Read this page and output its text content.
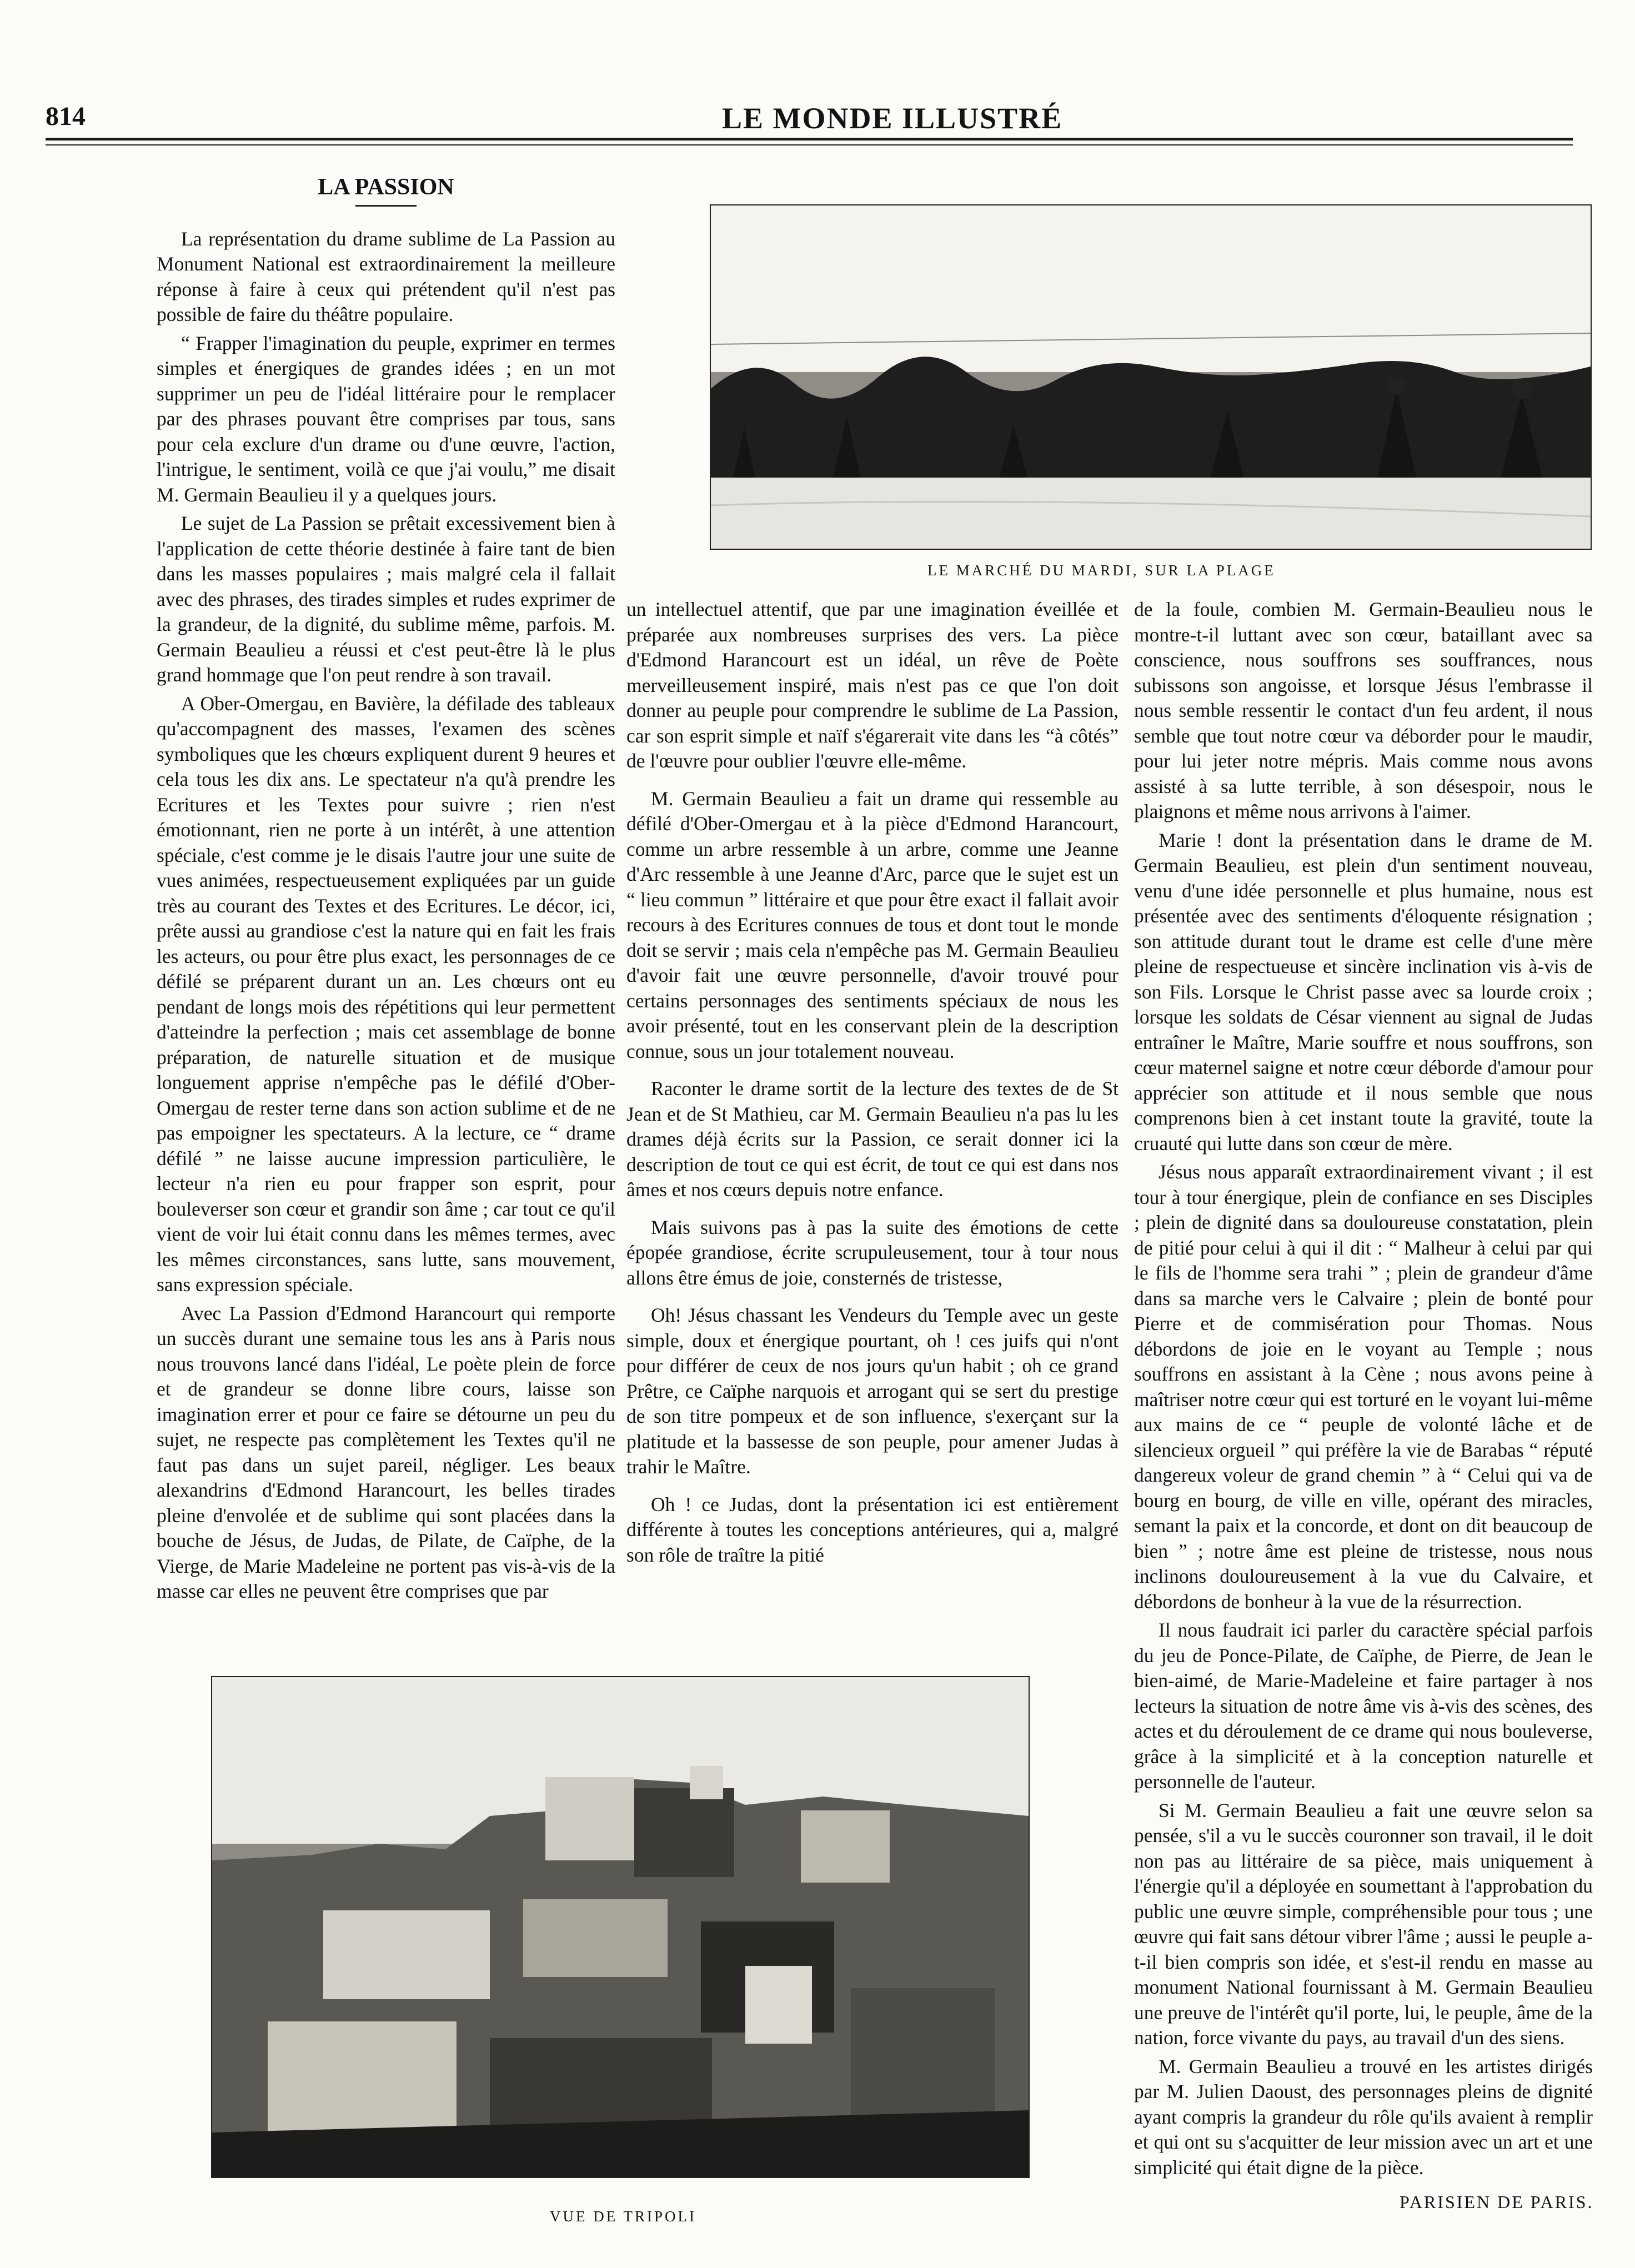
814	LE MONDE ILLUSTRÉ
LA PASSION

La représentation du drame sublime de La Passion au Monument National est extraordinairement la meilleure réponse à faire à ceux qui prétendent qu'il n'est pas possible de faire du théâtre populaire.

“ Frapper l'imagination du peuple, exprimer en termes simples et énergiques de grandes idées ; en un mot supprimer un peu de l'idéal littéraire pour le remplacer par des phrases pouvant être comprises par tous, sans pour cela exclure d'un drame ou d'une œuvre, l'action, l'intrigue, le sentiment, voilà ce que j'ai voulu,” me disait M. Germain Beaulieu il y a quelques jours.

Le sujet de La Passion se prêtait excessivement bien à l'application de cette théorie destinée à faire tant de bien dans les masses populaires ; mais malgré cela il fallait avec des phrases, des tirades simples et rudes exprimer de la grandeur, de la dignité, du sublime même, parfois. M. Germain Beaulieu a réussi et c'est peut-être là le plus grand hommage que l'on peut rendre à son travail.

A Ober-Omergau, en Bavière, la défilade des tableaux qu'accompagnent des masses, l'examen des scènes symboliques que les chœurs expliquent durent 9 heures et cela tous les dix ans. Le spectateur n'a qu'à prendre les Ecritures et les Textes pour suivre ; rien n'est émotionnant, rien ne porte à un intérêt, à une attention spéciale, c'est comme je le disais l'autre jour une suite de vues animées, respectueusement expliquées par un guide très au courant des Textes et des Ecritures. Le décor, ici, prête aussi au grandiose c'est la nature qui en fait les frais les acteurs, ou pour être plus exact, les personnages de ce défilé se préparent durant un an. Les chœurs ont eu pendant de longs mois des répétitions qui leur permettent d'atteindre la perfection ; mais cet assemblage de bonne préparation, de naturelle situation et de musique longuement apprise n'empêche pas le défilé d'Ober-Omergau de rester terne dans son action sublime et de ne pas empoigner les spectateurs. A la lecture, ce “ drame défilé ” ne laisse aucune impression particulière, le lecteur n'a rien eu pour frapper son esprit, pour bouleverser son cœur et grandir son âme ; car tout ce qu'il vient de voir lui était connu dans les mêmes termes, avec les mêmes circonstances, sans lutte, sans mouvement, sans expression spéciale.

Avec La Passion d'Edmond Harancourt qui remporte un succès durant une semaine tous les ans à Paris nous nous trouvons lancé dans l'idéal, Le poète plein de force et de grandeur se donne libre cours, laisse son imagination errer et pour ce faire se détourne un peu du sujet, ne respecte pas complètement les Textes qu'il ne faut pas dans un sujet pareil, négliger. Les beaux alexandrins d'Edmond Harancourt, les belles tirades pleine d'envolée et de sublime qui sont placées dans la bouche de Jésus, de Judas, de Pilate, de Caïphe, de la Vierge, de Marie Madeleine ne portent pas vis-à-vis de la masse car elles ne peuvent être comprises que par

LE MARCHÉ DU MARDI, SUR LA PLAGE

un intellectuel attentif, que par une imagination éveillée et préparée aux nombreuses surprises des vers. La pièce d'Edmond Harancourt est un idéal, un rêve de Poète merveilleusement inspiré, mais n'est pas ce que l'on doit donner au peuple pour comprendre le sublime de La Passion, car son esprit simple et naïf s'égarerait vite dans les “à côtés” de l'œuvre pour oublier l'œuvre elle-même.

M. Germain Beaulieu a fait un drame qui ressemble au défilé d'Ober-Omergau et à la pièce d'Edmond Harancourt, comme un arbre ressemble à un arbre, comme une Jeanne d'Arc ressemble à une Jeanne d'Arc, parce que le sujet est un “ lieu commun ” littéraire et que pour être exact il fallait avoir recours à des Ecritures connues de tous et dont tout le monde doit se servir ; mais cela n'empêche pas M. Germain Beaulieu d'avoir fait une œuvre personnelle, d'avoir trouvé pour certains personnages des sentiments spéciaux de nous les avoir présenté, tout en les conservant plein de la description connue, sous un jour totalement nouveau.

Raconter le drame sortit de la lecture des textes de de St Jean et de St Mathieu, car M. Germain Beaulieu n'a pas lu les drames déjà écrits sur la Passion, ce serait donner ici la description de tout ce qui est écrit, de tout ce qui est dans nos âmes et nos cœurs depuis notre enfance.

Mais suivons pas à pas la suite des émotions de cette épopée grandiose, écrite scrupuleusement, tour à tour nous allons être émus de joie, consternés de tristesse,

Oh! Jésus chassant les Vendeurs du Temple avec un geste simple, doux et énergique pourtant, oh ! ces juifs qui n'ont pour différer de ceux de nos jours qu'un habit ; oh ce grand Prêtre, ce Caïphe narquois et arrogant qui se sert du prestige de son titre pompeux et de son influence, s'exerçant sur la platitude et la bassesse de son peuple, pour amener Judas à trahir le Maître.

Oh ! ce Judas, dont la présentation ici est entièrement différente à toutes les conceptions antérieures, qui a, malgré son rôle de traître la pitié

de la foule, combien M. Germain-Beaulieu nous le montre-t-il luttant avec son cœur, bataillant avec sa conscience, nous souffrons ses souffrances, nous subissons son angoisse, et lorsque Jésus l'embrasse il nous semble ressentir le contact d'un feu ardent, il nous semble que tout notre cœur va déborder pour le maudir, pour lui jeter notre mépris. Mais comme nous avons assisté à sa lutte terrible, à son désespoir, nous le plaignons et même nous arrivons à l'aimer.

Marie ! dont la présentation dans le drame de M. Germain Beaulieu, est plein d'un sentiment nouveau, venu d'une idée personnelle et plus humaine, nous est présentée avec des sentiments d'éloquente résignation ; son attitude durant tout le drame est celle d'une mère pleine de respectueuse et sincère inclination vis à-vis de son Fils. Lorsque le Christ passe avec sa lourde croix ; lorsque les soldats de César viennent au signal de Judas entraîner le Maître, Marie souffre et nous souffrons, son cœur maternel saigne et notre cœur déborde d'amour pour apprécier son attitude et il nous semble que nous comprenons bien à cet instant toute la gravité, toute la cruauté qui lutte dans son cœur de mère.

Jésus nous apparaît extraordinairement vivant ; il est tour à tour énergique, plein de confiance en ses Disciples ; plein de dignité dans sa douloureuse constatation, plein de pitié pour celui à qui il dit : “ Malheur à celui par qui le fils de l'homme sera trahi ” ; plein de grandeur d'âme dans sa marche vers le Calvaire ; plein de bonté pour Pierre et de commisération pour Thomas. Nous débordons de joie en le voyant au Temple ; nous souffrons en assistant à la Cène ; nous avons peine à maîtriser notre cœur qui est torturé en le voyant lui-même aux mains de ce “ peuple de volonté lâche et de silencieux orgueil ” qui préfère la vie de Barabas “ réputé dangereux voleur de grand chemin ” à “ Celui qui va de bourg en bourg, de ville en ville, opérant des miracles, semant la paix et la concorde, et dont on dit beaucoup de bien ” ; notre âme est pleine de tristesse, nous nous inclinons douloureusement à la vue du Calvaire, et débordons de bonheur à la vue de la résurrection.

Il nous faudrait ici parler du caractère spécial parfois du jeu de Ponce-Pilate, de Caïphe, de Pierre, de Jean le bien-aimé, de Marie-Madeleine et faire partager à nos lecteurs la situation de notre âme vis à-vis des scènes, des actes et du déroulement de ce drame qui nous bouleverse, grâce à la simplicité et à la conception naturelle et personnelle de l'auteur.

Si M. Germain Beaulieu a fait une œuvre selon sa pensée, s'il a vu le succès couronner son travail, il le doit non pas au littéraire de sa pièce, mais uniquement à l'énergie qu'il a déployée en soumettant à l'approbation du public une œuvre simple, compréhensible pour tous ; une œuvre qui fait sans détour vibrer l'âme ; aussi le peuple a-t-il bien compris son idée, et s'est-il rendu en masse au monument National fournissant à M. Germain Beaulieu une preuve de l'intérêt qu'il porte, lui, le peuple, âme de la nation, force vivante du pays, au travail d'un des siens.

M. Germain Beaulieu a trouvé en les artistes dirigés par M. Julien Daoust, des personnages pleins de dignité ayant compris la grandeur du rôle qu'ils avaient à remplir et qui ont su s'acquitter de leur mission avec un art et une simplicité qui était digne de la pièce.

VUE DE TRIPOLI
PARISIEN DE PARIS.
